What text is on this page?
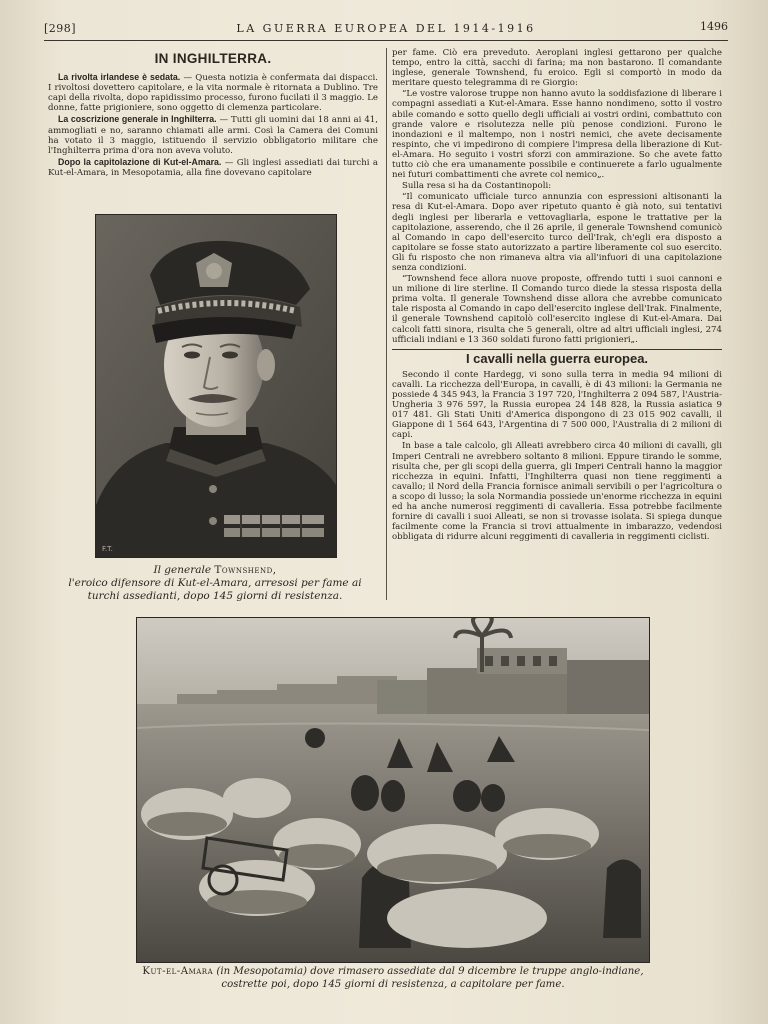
[298]	LA GUERRA EUROPEA DEL 1914-1916	1496
IN INGHILTERRA.

La rivolta irlandese è sedata. — Questa notizia è confermata dai dispacci. I rivoltosi dovettero capitolare, e la vita normale è ritornata a Dublino. Tre capi della rivolta, dopo rapidissimo processo, furono fucilati il 3 maggio. Le donne, fatte prigioniere, sono oggetto di clemenza particolare.

La coscrizione generale in Inghilterra. — Tutti gli uomini dai 18 anni ai 41, ammogliati e no, saranno chiamati alle armi. Così la Camera dei Comuni ha votato il 3 maggio, istituendo il servizio obbligatorio militare che l'Inghilterra prima d'ora non aveva voluto.

Dopo la capitolazione di Kut-el-Amara. — Gli inglesi assediati dai turchi a Kut-el-Amara, in Mesopotamia, alla fine dovevano capitolare

F.T.
Il generale Townshend,
l'eroico difensore di Kut-el-Amara, arresosi per fame ai turchi assedianti, dopo 145 giorni di resistenza.

per fame. Ciò era preveduto. Aeroplani inglesi gettarono per qualche tempo, entro la città, sacchi di farina; ma non bastarono. Il comandante inglese, generale Townshend, fu eroico. Egli si comportò in modo da meritare questo telegramma di re Giorgio:

“Le vostre valorose truppe non hanno avuto la soddisfazione di liberare i compagni assediati a Kut-el-Amara. Esse hanno nondimeno, sotto il vostro abile comando e sotto quello degli ufficiali ai vostri ordini, combattuto con grande valore e risolutezza nelle più penose condizioni. Furono le inondazioni e il maltempo, non i nostri nemici, che avete decisamente respinto, che vi impedirono di compiere l'impresa della liberazione di Kut-el-Amara. Ho seguito i vostri sforzi con ammirazione. So che avete fatto tutto ciò che era umanamente possibile e continuerete a farlo ugualmente nei futuri combattimenti che avrete col nemico„.

Sulla resa si ha da Costantinopoli:

“Il comunicato ufficiale turco annunzia con espressioni altisonanti la resa di Kut-el-Amara. Dopo aver ripetuto quanto è già noto, sui tentativi degli inglesi per liberarla e vettovagliarla, espone le trattative per la capitolazione, asserendo, che il 26 aprile, il generale Townshend comunicò al Comando in capo dell'esercito turco dell'Irak, ch'egli era disposto a capitolare se fosse stato autorizzato a partire liberamente col suo esercito. Gli fu risposto che non rimaneva altra via all'infuori di una capitolazione senza condizioni.

“Townshend fece allora nuove proposte, offrendo tutti i suoi cannoni e un milione di lire sterline. Il Comando turco diede la stessa risposta della prima volta. Il generale Townshend disse allora che avrebbe comunicato tale risposta al Comando in capo dell'esercito inglese dell'Irak. Finalmente, il generale Townshend capitolò coll'esercito inglese di Kut-el-Amara. Dai calcoli fatti sinora, risulta che 5 generali, oltre ad altri ufficiali inglesi, 274 ufficiali indiani e 13 360 soldati furono fatti prigionieri„.

I cavalli nella guerra europea.

Secondo il conte Hardegg, vi sono sulla terra in media 94 milioni di cavalli. La ricchezza dell'Europa, in cavalli, è di 43 milioni: la Germania ne possiede 4 345 943, la Francia 3 197 720, l'Inghilterra 2 094 587, l'Austria-Ungheria 3 976 597, la Russia europea 24 148 828, la Russia asiatica 9 017 481. Gli Stati Uniti d'America dispongono di 23 015 902 cavalli, il Giappone di 1 564 643, l'Argentina di 7 500 000, l'Australia di 2 milioni di capi.

In base a tale calcolo, gli Alleati avrebbero circa 40 milioni di cavalli, gli Imperi Centrali ne avrebbero soltanto 8 milioni. Eppure tirando le somme, risulta che, per gli scopi della guerra, gli Imperi Centrali hanno la maggior ricchezza in equini. Infatti, l'Inghilterra quasi non tiene reggimenti a cavallo; il Nord della Francia fornisce animali servibili o per l'agricoltura o a scopo di lusso; la sola Normandia possiede un'enorme ricchezza in equini ed ha anche numerosi reggimenti di cavalleria. Essa potrebbe facilmente fornire di cavalli i suoi Alleati, se non si trovasse isolata. Si spiega dunque facilmente come la Francia si trovi attualmente in imbarazzo, vedendosi obbligata di ridurre alcuni reggimenti di cavalleria in reggimenti ciclisti.

Kut-el-Amara (in Mesopotamia) dove rimasero assediate dal 9 dicembre le truppe anglo-indiane, costrette poi, dopo 145 giorni di resistenza, a capitolare per fame.
